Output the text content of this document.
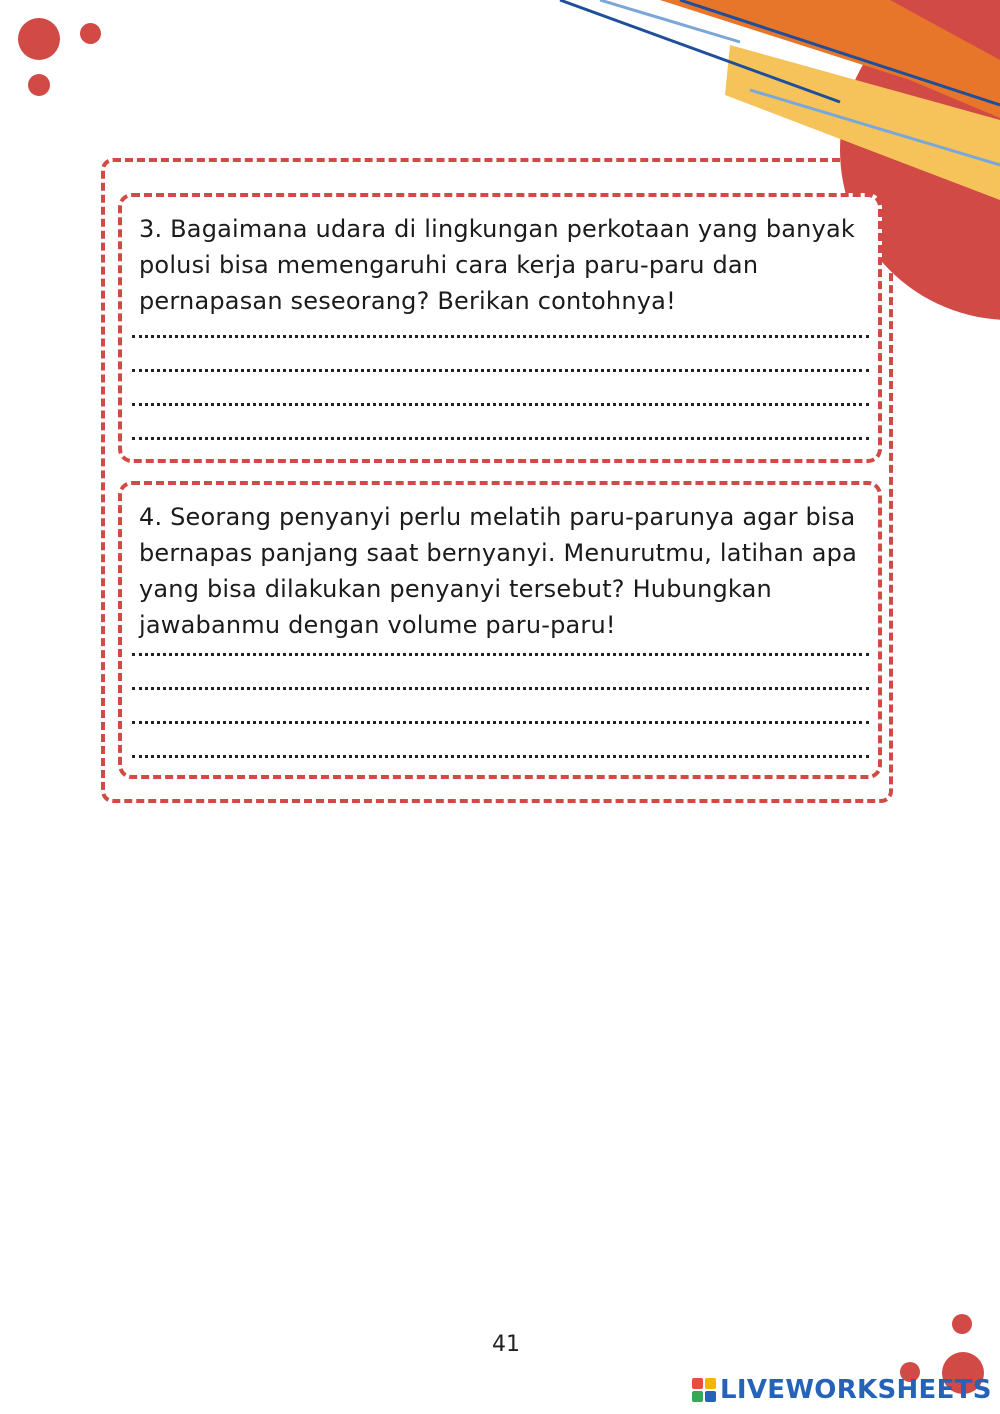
3. Bagaimana udara di lingkungan perkotaan yang banyak polusi bisa memengaruhi cara kerja paru-paru dan pernapasan seseorang? Berikan contohnya!

4. Seorang penyanyi perlu melatih paru-parunya agar bisa bernapas panjang saat bernyanyi. Menurutmu, latihan apa yang bisa dilakukan penyanyi tersebut? Hubungkan jawabanmu dengan volume paru-paru!

41
LIVEWORKSHEETS
